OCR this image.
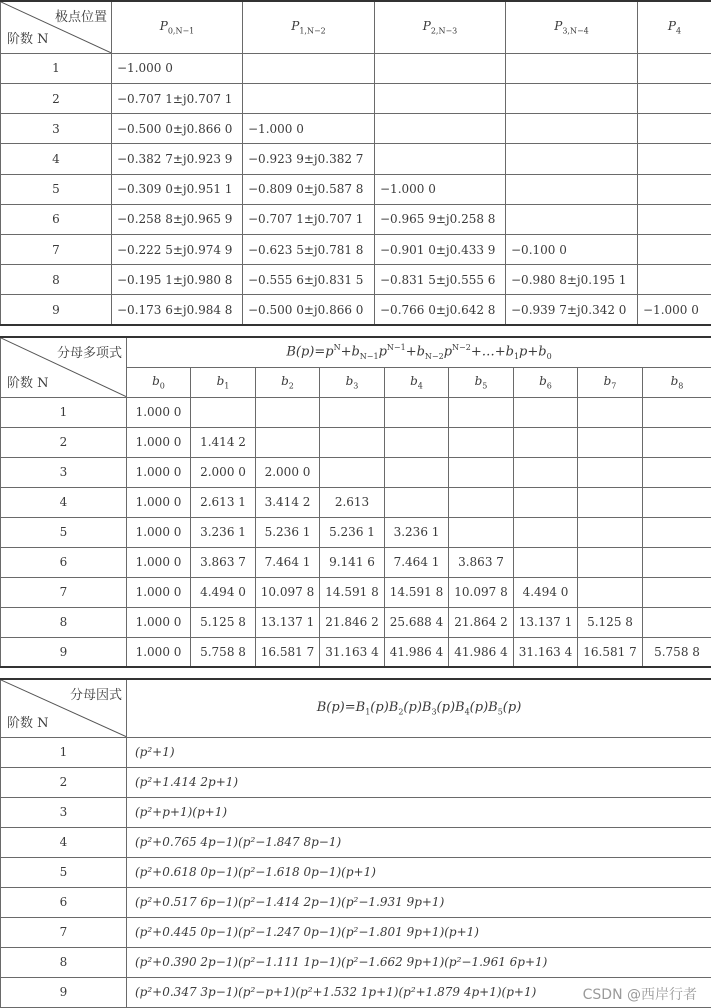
极点位置
阶数 N	$P_{0,N-1}$	$P_{1,N-2}$	$P_{2,N-3}$	$P_{3,N-4}$	$P_4$
1	−1.000 0				
2	−0.707 1±j0.707 1				
3	−0.500 0±j0.866 0	−1.000 0			
4	−0.382 7±j0.923 9	−0.923 9±j0.382 7			
5	−0.309 0±j0.951 1	−0.809 0±j0.587 8	−1.000 0		
6	−0.258 8±j0.965 9	−0.707 1±j0.707 1	−0.965 9±j0.258 8		
7	−0.222 5±j0.974 9	−0.623 5±j0.781 8	−0.901 0±j0.433 9	−0.100 0	
8	−0.195 1±j0.980 8	−0.555 6±j0.831 5	−0.831 5±j0.555 6	−0.980 8±j0.195 1	
9	−0.173 6±j0.984 8	−0.500 0±j0.866 0	−0.766 0±j0.642 8	−0.939 7±j0.342 0	−1.000 0
分母多项式
阶数 N	$B(p)=p^N+b_{N-1}p^{N-1}+b_{N-2}p^{N-2}+\dots+b_1p+b_0$
	$b_0$	$b_1$	$b_2$	$b_3$	$b_4$	$b_5$	$b_6$	$b_7$	$b_8$
1	1.000 0								
2	1.000 0	1.414 2							
3	1.000 0	2.000 0	2.000 0						
4	1.000 0	2.613 1	3.414 2	2.613					
5	1.000 0	3.236 1	5.236 1	5.236 1	3.236 1				
6	1.000 0	3.863 7	7.464 1	9.141 6	7.464 1	3.863 7			
7	1.000 0	4.494 0	10.097 8	14.591 8	14.591 8	10.097 8	4.494 0		
8	1.000 0	5.125 8	13.137 1	21.846 2	25.688 4	21.864 2	13.137 1	5.125 8	
9	1.000 0	5.758 8	16.581 7	31.163 4	41.986 4	41.986 4	31.163 4	16.581 7	5.758 8
分母因式
阶数 N	$B(p)=B_1(p)B_2(p)B_3(p)B_4(p)B_5(p)$
1	(p²+1)
2	(p²+1.414 2p+1)
3	(p²+p+1)(p+1)
4	(p²+0.765 4p−1)(p²−1.847 8p−1)
5	(p²+0.618 0p−1)(p²−1.618 0p−1)(p+1)
6	(p²+0.517 6p−1)(p²−1.414 2p−1)(p²−1.931 9p+1)
7	(p²+0.445 0p−1)(p²−1.247 0p−1)(p²−1.801 9p+1)(p+1)
8	(p²+0.390 2p−1)(p²−1.111 1p−1)(p²−1.662 9p+1)(p²−1.961 6p+1)
9	(p²+0.347 3p−1)(p²−p+1)(p²+1.532 1p+1)(p²+1.879 4p+1)(p+1)	CSDN @西岸行者
